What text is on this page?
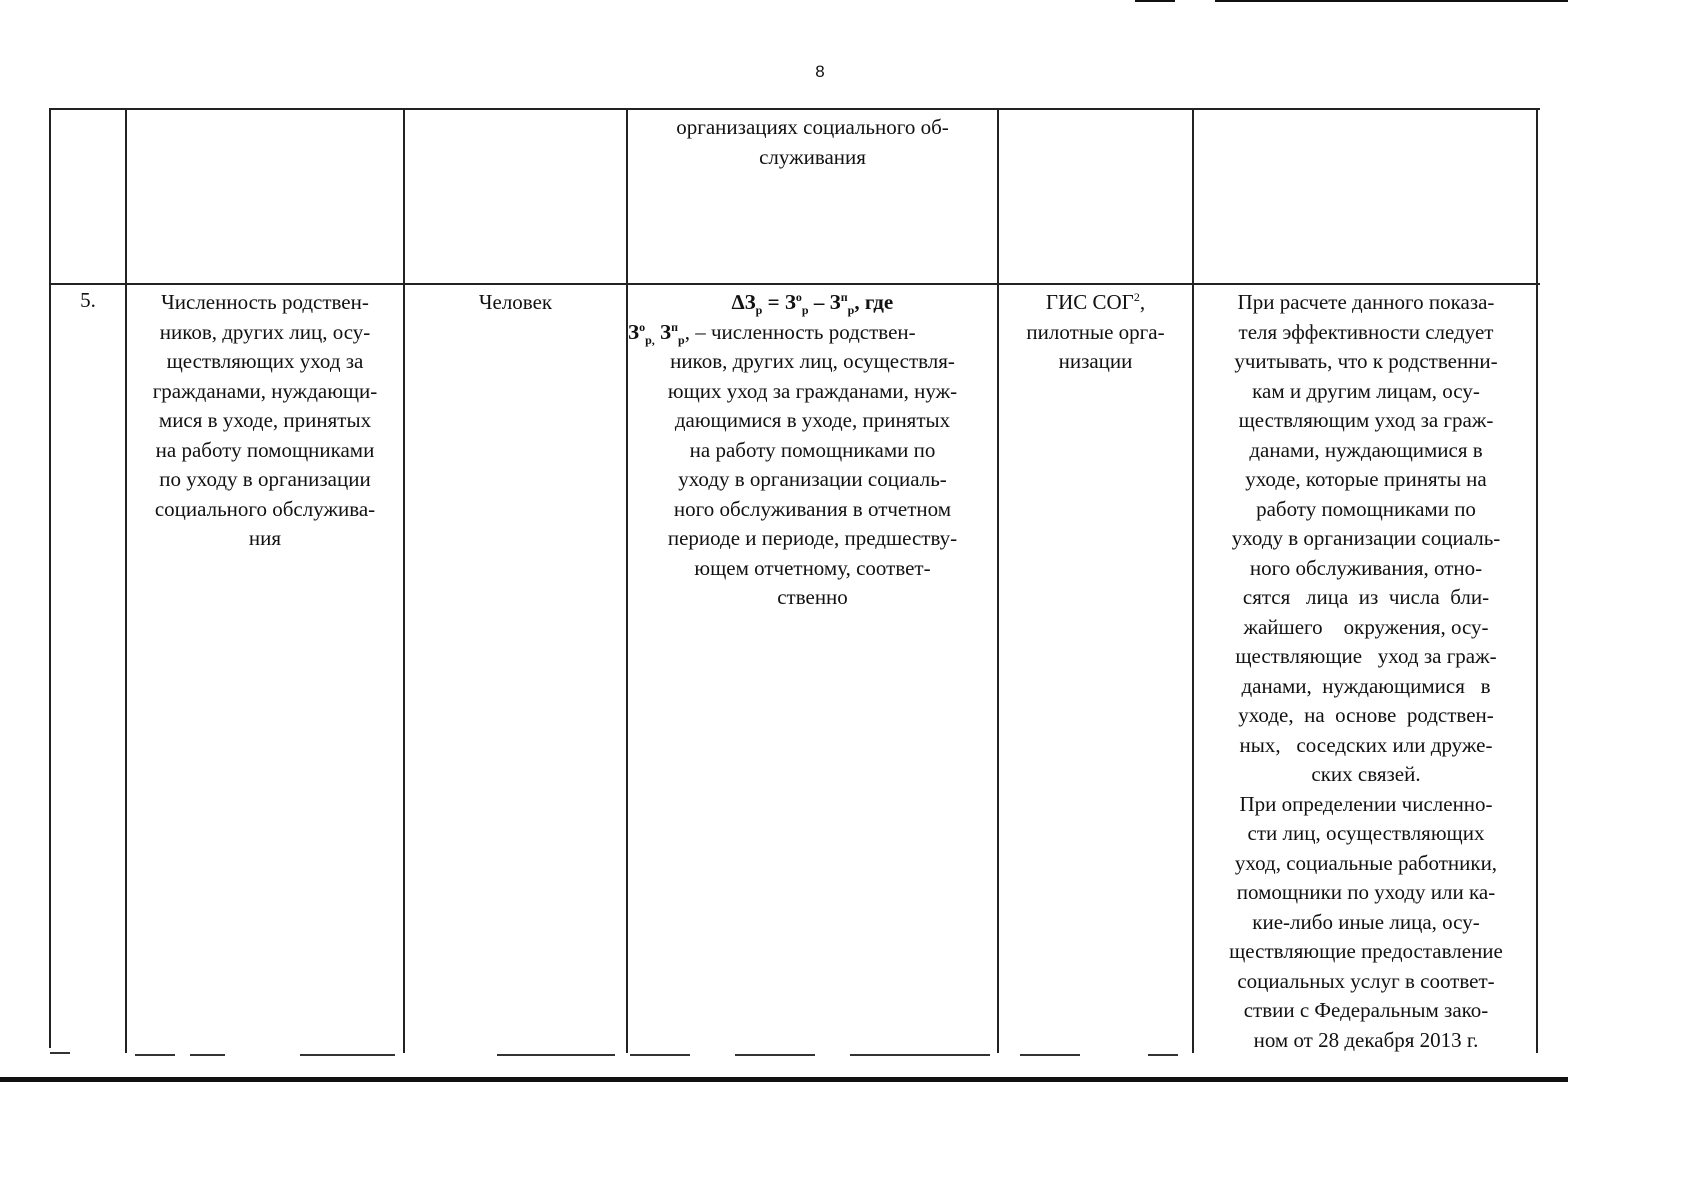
8
организациях социального об-
служивания
5.	Численность родствен-
ников, других лиц, осу-
ществляющих уход за
гражданами, нуждающи-
мися в уходе, принятых
на работу помощниками
по уходу в организации
социального обслужива-
ния
Человек	$\Delta З_р = З^о_р - З^п_р$, где
$З^о_{р,}$ $З^п_р$, – численность родствен-
ников, других лиц, осуществля-
ющих уход за гражданами, нуж-
дающимися в уходе, принятых
на работу помощниками по
уходу в организации социаль-
ного обслуживания в отчетном
периоде и периоде, предшеству-
ющем отчетному, соответ-
ственно
ГИС СОГ$^2$,
пилотные орга-
низации
При расчете данного показа-
теля эффективности следует
учитывать, что к родственни-
кам и другим лицам, осу-
ществляющим уход за граж-
данами, нуждающимися в
уходе, которые приняты на
работу помощниками по
уходу в организации социаль-
ного обслуживания, отно-
сятся   лица  из  числа  бли-
жайшего    окружения, осу-
ществляющие   уход за граж-
данами,  нуждающимися   в
уходе,  на  основе  родствен-
ных,   соседских или друже-
ских связей.
При определении численно-
сти лиц, осуществляющих
уход, социальные работники,
помощники по уходу или ка-
кие-либо иные лица, осу-
ществляющие предоставление
социальных услуг в соответ-
ствии с Федеральным зако-
ном от 28 декабря 2013 г.
